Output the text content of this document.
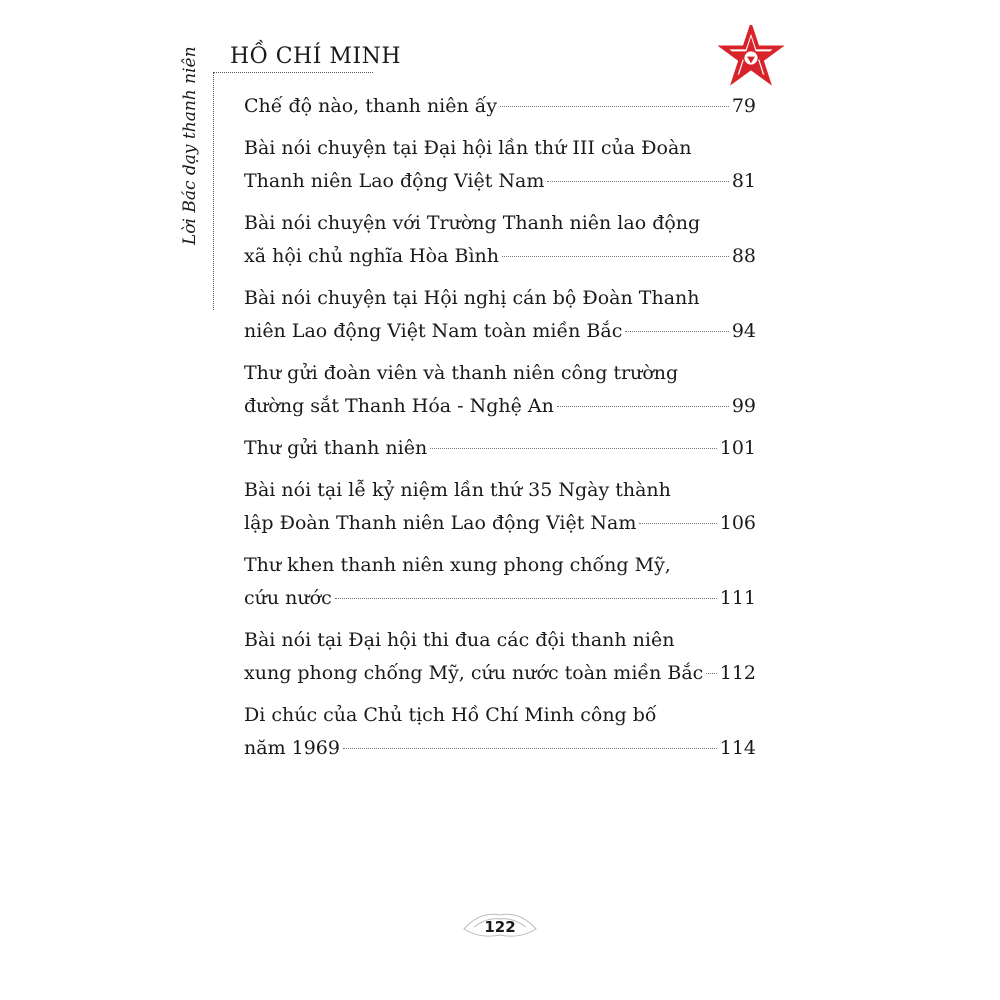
HỒ CHÍ MINH
Lời Bác dạy thanh niên	Chế độ nào, thanh niên ấy	79
Bài nói chuyện tại Đại hội lần thứ III của Đoàn
Thanh niên Lao động Việt Nam	81
Bài nói chuyện với Trường Thanh niên lao động
xã hội chủ nghĩa Hòa Bình	88
Bài nói chuyện tại Hội nghị cán bộ Đoàn Thanh
niên Lao động Việt Nam toàn miền Bắc	94
Thư gửi đoàn viên và thanh niên công trường
đường sắt Thanh Hóa - Nghệ An	99
Thư gửi thanh niên	101
Bài nói tại lễ kỷ niệm lần thứ 35 Ngày thành
lập Đoàn Thanh niên Lao động Việt Nam	106
Thư khen thanh niên xung phong chống Mỹ,
cứu nước	111
Bài nói tại Đại hội thi đua các đội thanh niên
xung phong chống Mỹ, cứu nước toàn miền Bắc 112
Di chúc của Chủ tịch Hồ Chí Minh công bố
năm 1969	114
122
